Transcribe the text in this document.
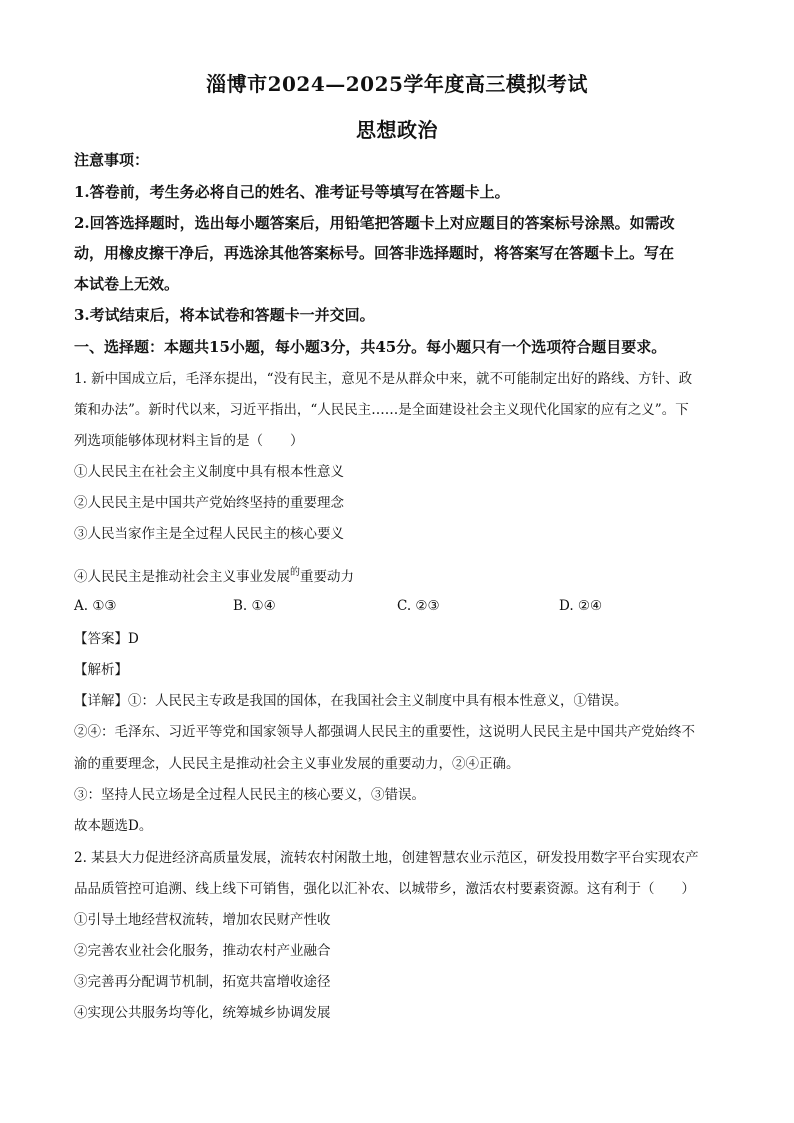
淄博市2024—2025学年度高三模拟考试
思想政治
注意事项：
1.答卷前，考生务必将自己的姓名、准考证号等填写在答题卡上。
2.回答选择题时，选出每小题答案后，用铅笔把答题卡上对应题目的答案标号涂黑。如需改
动，用橡皮擦干净后，再选涂其他答案标号。回答非选择题时，将答案写在答题卡上。写在
本试卷上无效。
3.考试结束后，将本试卷和答题卡一并交回。
一、选择题：本题共15小题，每小题3分，共45分。每小题只有一个选项符合题目要求。
1. 新中国成立后，毛泽东提出，“没有民主，意见不是从群众中来，就不可能制定出好的路线、方针、政
策和办法”。新时代以来，习近平指出，“人民民主……是全面建设社会主义现代化国家的应有之义”。下
列选项能够体现材料主旨的是（　　）
①人民民主在社会主义制度中具有根本性意义
②人民民主是中国共产党始终坚持的重要理念
③人民当家作主是全过程人民民主的核心要义
④人民民主是推动社会主义事业发展$^的$重要动力
A. ①③	B. ①④	C. ②③	D. ②④
【答案】D
【解析】
【详解】①：人民民主专政是我国的国体，在我国社会主义制度中具有根本性意义，①错误。
②④：毛泽东、习近平等党和国家领导人都强调人民民主的重要性，这说明人民民主是中国共产党始终不
渝的重要理念，人民民主是推动社会主义事业发展的重要动力，②④正确。
③：坚持人民立场是全过程人民民主的核心要义，③错误。
故本题选D。
2. 某县大力促进经济高质量发展，流转农村闲散土地，创建智慧农业示范区，研发投用数字平台实现农产
品品质管控可追溯、线上线下可销售，强化以汇补农、以城带乡，激活农村要素资源。这有利于（　　）
①引导土地经营权流转，增加农民财产性收
②完善农业社会化服务，推动农村产业融合
③完善再分配调节机制，拓宽共富增收途径
④实现公共服务均等化，统筹城乡协调发展
